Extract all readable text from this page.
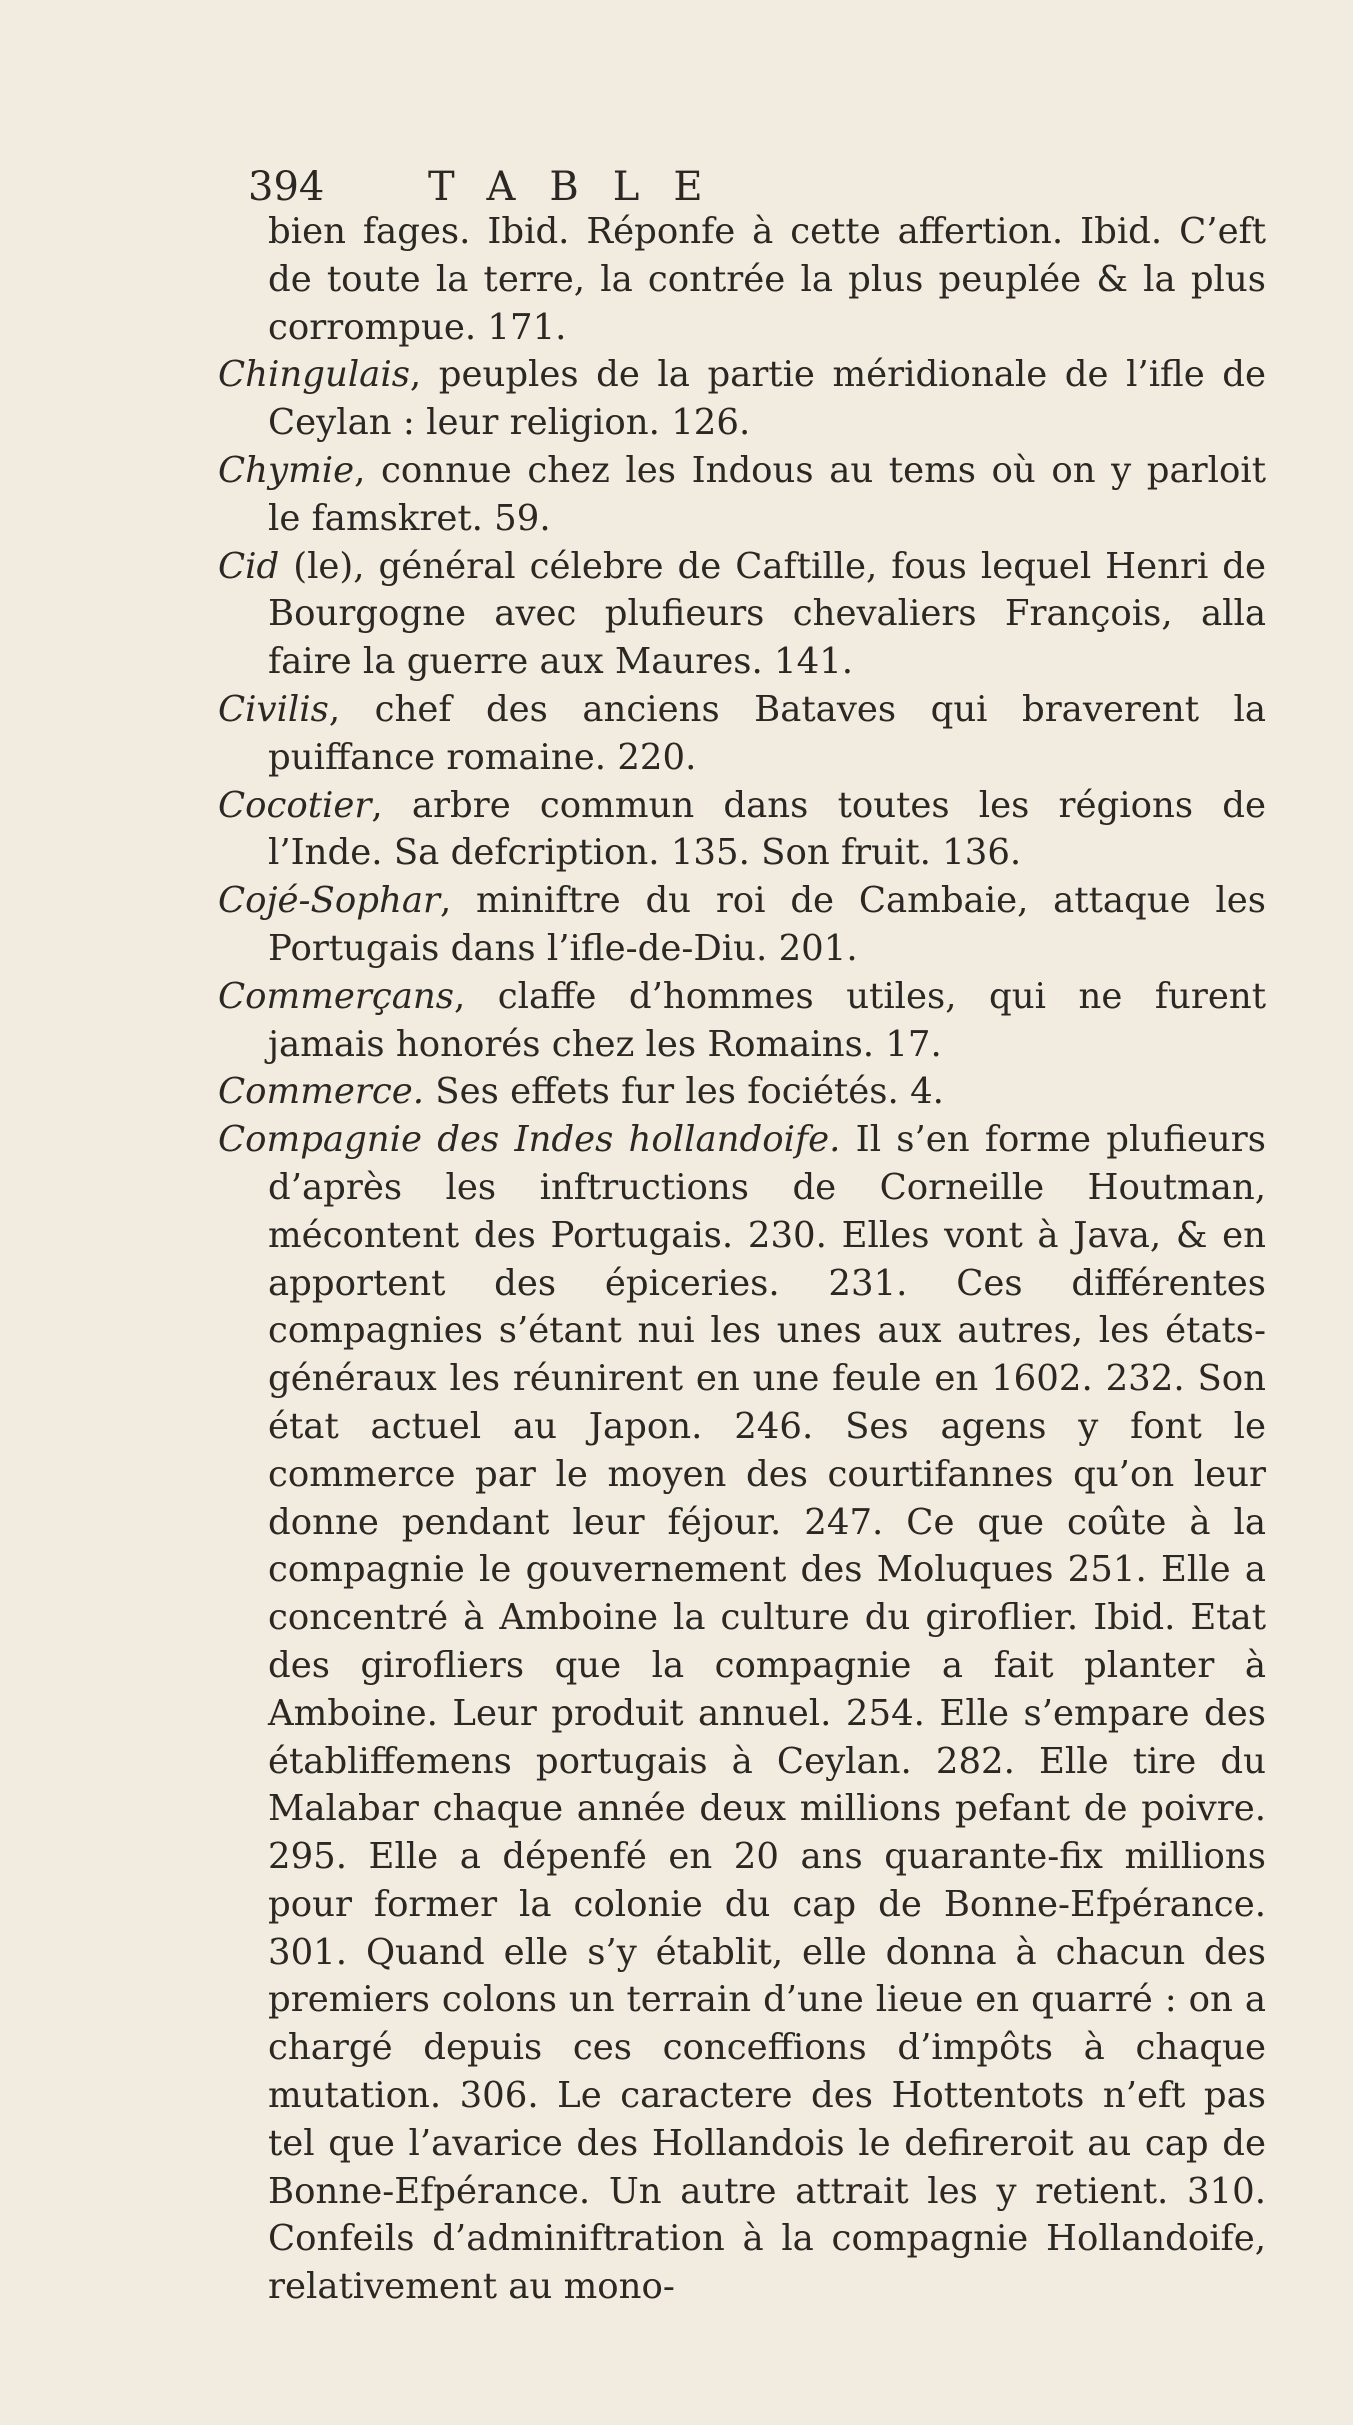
394	TABLE

bien fages. Ibid. Réponfe à cette affertion. Ibid. C’eft de toute la terre, la contrée la plus peuplée & la plus corrompue. 171.

Chingulais, peuples de la partie méridionale de l’ifle de Ceylan : leur religion. 126.

Chymie, connue chez les Indous au tems où on y parloit le famskret. 59.

Cid (le), général célebre de Caftille, fous lequel Henri de Bourgogne avec plufieurs chevaliers François, alla faire la guerre aux Maures. 141.

Civilis, chef des anciens Bataves qui braverent la puiffance romaine. 220.

Cocotier, arbre commun dans toutes les régions de l’Inde. Sa defcription. 135. Son fruit. 136.

Cojé-Sophar, miniftre du roi de Cambaie, attaque les Portugais dans l’ifle-de-Diu. 201.

Commerçans, claffe d’hommes utiles, qui ne furent jamais honorés chez les Romains. 17.

Commerce. Ses effets fur les fociétés. 4.

Compagnie des Indes hollandoife. Il s’en forme plufieurs d’après les inftructions de Corneille Houtman, mécontent des Portugais. 230. Elles vont à Java, & en apportent des épiceries. 231. Ces différentes compagnies s’étant nui les unes aux autres, les états-généraux les réunirent en une feule en 1602. 232. Son état actuel au Japon. 246. Ses agens y font le commerce par le moyen des courtifannes qu’on leur donne pendant leur féjour. 247. Ce que coûte à la compagnie le gouvernement des Moluques 251. Elle a concentré à Amboine la culture du giroflier. Ibid. Etat des girofliers que la compagnie a fait planter à Amboine. Leur produit annuel. 254. Elle s’empare des établiffemens portugais à Ceylan. 282. Elle tire du Malabar chaque année deux millions pefant de poivre. 295. Elle a dépenfé en 20 ans quarante-fix millions pour former la colonie du cap de Bonne-Efpérance. 301. Quand elle s’y établit, elle donna à chacun des premiers colons un terrain d’une lieue en quarré : on a chargé depuis ces conceffions d’impôts à chaque mutation. 306. Le caractere des Hottentots n’eft pas tel que l’avarice des Hollandois le defireroit au cap de Bonne-Efpérance. Un autre attrait les y retient. 310. Confeils d’adminiftration à la compagnie Hollandoife, relativement au mono-
